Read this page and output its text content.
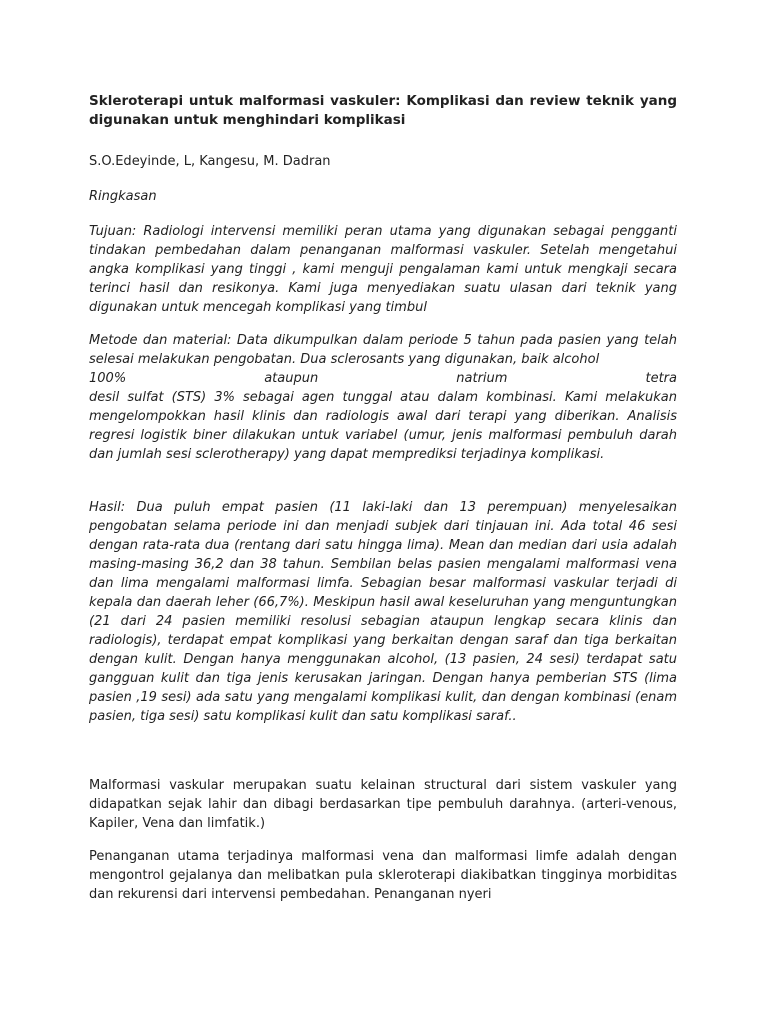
Skleroterapi untuk malformasi vaskuler: Komplikasi dan review teknik yang digunakan untuk menghindari komplikasi
S.O.Edeyinde, L, Kangesu, M. Dadran
Ringkasan

Tujuan: Radiologi intervensi memiliki peran utama yang digunakan sebagai pengganti tindakan pembedahan dalam penanganan malformasi vaskuler. Setelah mengetahui angka komplikasi yang tinggi , kami menguji pengalaman kami untuk mengkaji secara terinci hasil dan resikonya. Kami juga menyediakan suatu ulasan dari teknik yang digunakan untuk mencegah komplikasi yang timbul

Metode dan material: Data dikumpulkan dalam periode 5 tahun pada pasien yang telah selesai melakukan pengobatan. Dua sclerosants yang digunakan, baik alcohol

100%	ataupun	natrium	tetra

desil sulfat (STS) 3% sebagai agen tunggal atau dalam kombinasi. Kami melakukan mengelompokkan hasil klinis dan radiologis awal dari terapi yang diberikan. Analisis regresi logistik biner dilakukan untuk variabel (umur, jenis malformasi pembuluh darah dan jumlah sesi sclerotherapy) yang dapat memprediksi terjadinya komplikasi.

Hasil: Dua puluh empat pasien (11 laki-laki dan 13 perempuan) menyelesaikan pengobatan selama periode ini dan menjadi subjek dari tinjauan ini. Ada total 46 sesi dengan rata-rata dua (rentang dari satu hingga lima). Mean dan median dari usia adalah masing-masing 36,2 dan 38 tahun. Sembilan belas pasien mengalami malformasi vena dan lima mengalami malformasi limfa. Sebagian besar malformasi vaskular terjadi di kepala dan daerah leher (66,7%). Meskipun hasil awal keseluruhan yang menguntungkan (21 dari 24 pasien memiliki resolusi sebagian ataupun lengkap secara klinis dan radiologis), terdapat empat komplikasi yang berkaitan dengan saraf dan tiga berkaitan dengan kulit. Dengan hanya menggunakan alcohol, (13 pasien, 24 sesi) terdapat satu gangguan kulit dan tiga jenis kerusakan jaringan. Dengan hanya pemberian STS (lima pasien ,19 sesi) ada satu yang mengalami komplikasi kulit, dan dengan kombinasi (enam pasien, tiga sesi) satu komplikasi kulit dan satu komplikasi saraf..

Malformasi vaskular merupakan suatu kelainan structural dari sistem vaskuler yang didapatkan sejak lahir dan dibagi berdasarkan tipe pembuluh darahnya. (arteri-venous, Kapiler, Vena dan limfatik.)

Penanganan utama terjadinya malformasi vena dan malformasi limfe adalah dengan mengontrol gejalanya dan melibatkan pula skleroterapi diakibatkan tingginya morbiditas dan rekurensi dari intervensi pembedahan. Penanganan nyeri
